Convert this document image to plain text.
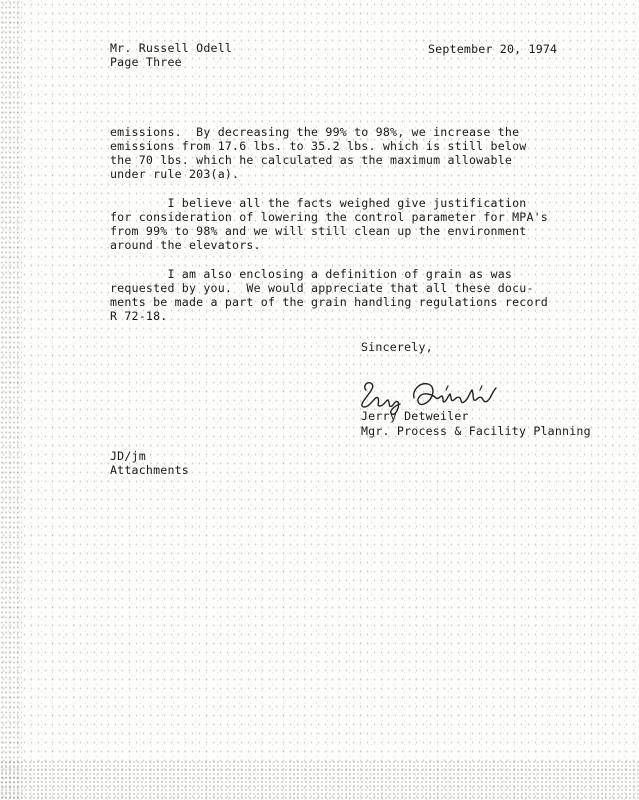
Mr. Russell Odell
Page Three
September 20, 1974
emissions.  By decreasing the 99% to 98%, we increase the
emissions from 17.6 lbs. to 35.2 lbs. which is still below
the 70 lbs. which he calculated as the maximum allowable
under rule 203(a).
I believe all the facts weighed give justification
for consideration of lowering the control parameter for MPA's
from 99% to 98% and we will still clean up the environment
around the elevators.
I am also enclosing a definition of grain as was
requested by you.  We would appreciate that all these docu-
ments be made a part of the grain handling regulations record
R 72-18.
Sincerely,
Jerry Detweiler
Mgr. Process & Facility Planning
JD/jm
Attachments
